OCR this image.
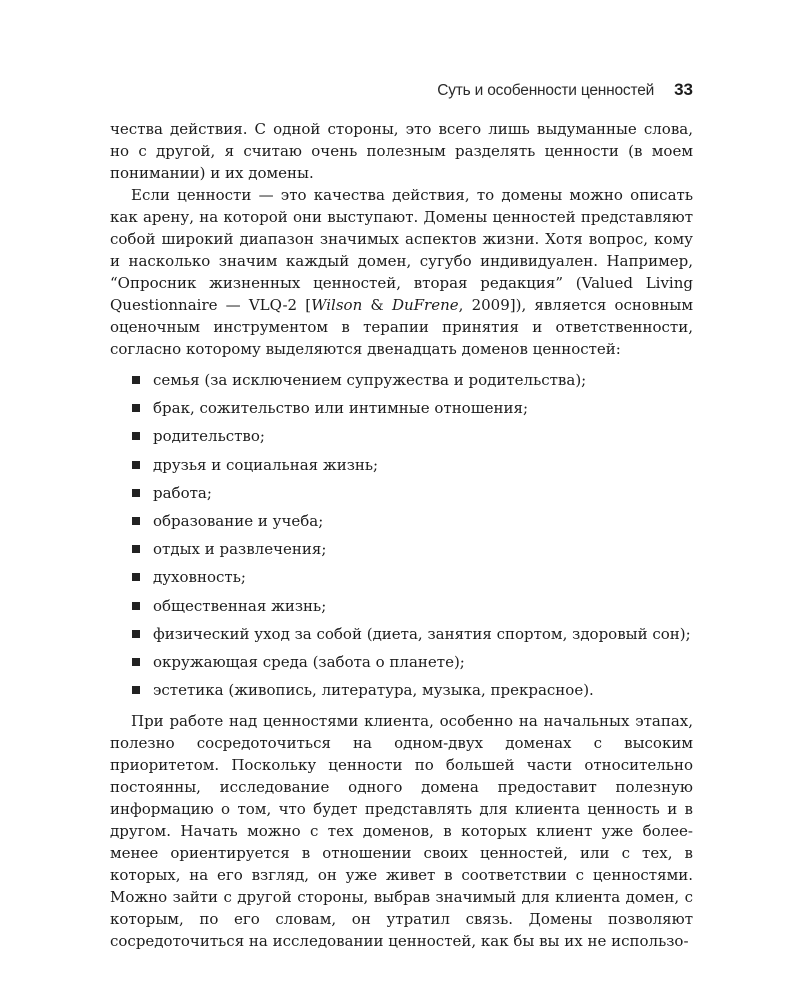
Суть и особенности ценностей 33

чества действия. С одной стороны, это всего лишь выдуманные слова, но с другой, я считаю очень полезным разделять ценности (в моем понимании) и их домены.

Если ценности — это качества действия, то домены можно описать как арену, на которой они выступают. Домены ценностей представляют собой широкий диапазон значимых аспектов жизни. Хотя вопрос, кому и насколько значим каждый домен, сугубо индивидуален. Например, “Опросник жизненных ценностей, вторая редакция” (Valued Living Questionnaire — VLQ-2 [Wilson & DuFrene, 2009]), является основным оценочным инструментом в терапии принятия и ответственности, согласно которому выделяются двенадцать доменов ценностей:

семья (за исключением супружества и родительства);
брак, сожительство или интимные отношения;
родительство;
друзья и социальная жизнь;
работа;
образование и учеба;
отдых и развлечения;
духовность;
общественная жизнь;
физический уход за собой (диета, занятия спортом, здоровый сон);
окружающая среда (забота о планете);
эстетика (живопись, литература, музыка, прекрасное).

При работе над ценностями клиента, особенно на начальных этапах, полезно сосредоточиться на одном-двух доменах с высоким приоритетом. Поскольку ценности по большей части относительно постоянны, исследование одного домена предоставит полезную информацию о том, что будет представлять для клиента ценность и в другом. Начать можно с тех доменов, в которых клиент уже более-менее ориентируется в отношении своих ценностей, или с тех, в которых, на его взгляд, он уже живет в соответствии с ценностями. Можно зайти с другой стороны, выбрав значимый для клиента домен, с которым, по его словам, он утратил связь. Домены позволяют сосредоточиться на исследовании ценностей, как бы вы их не использо-
